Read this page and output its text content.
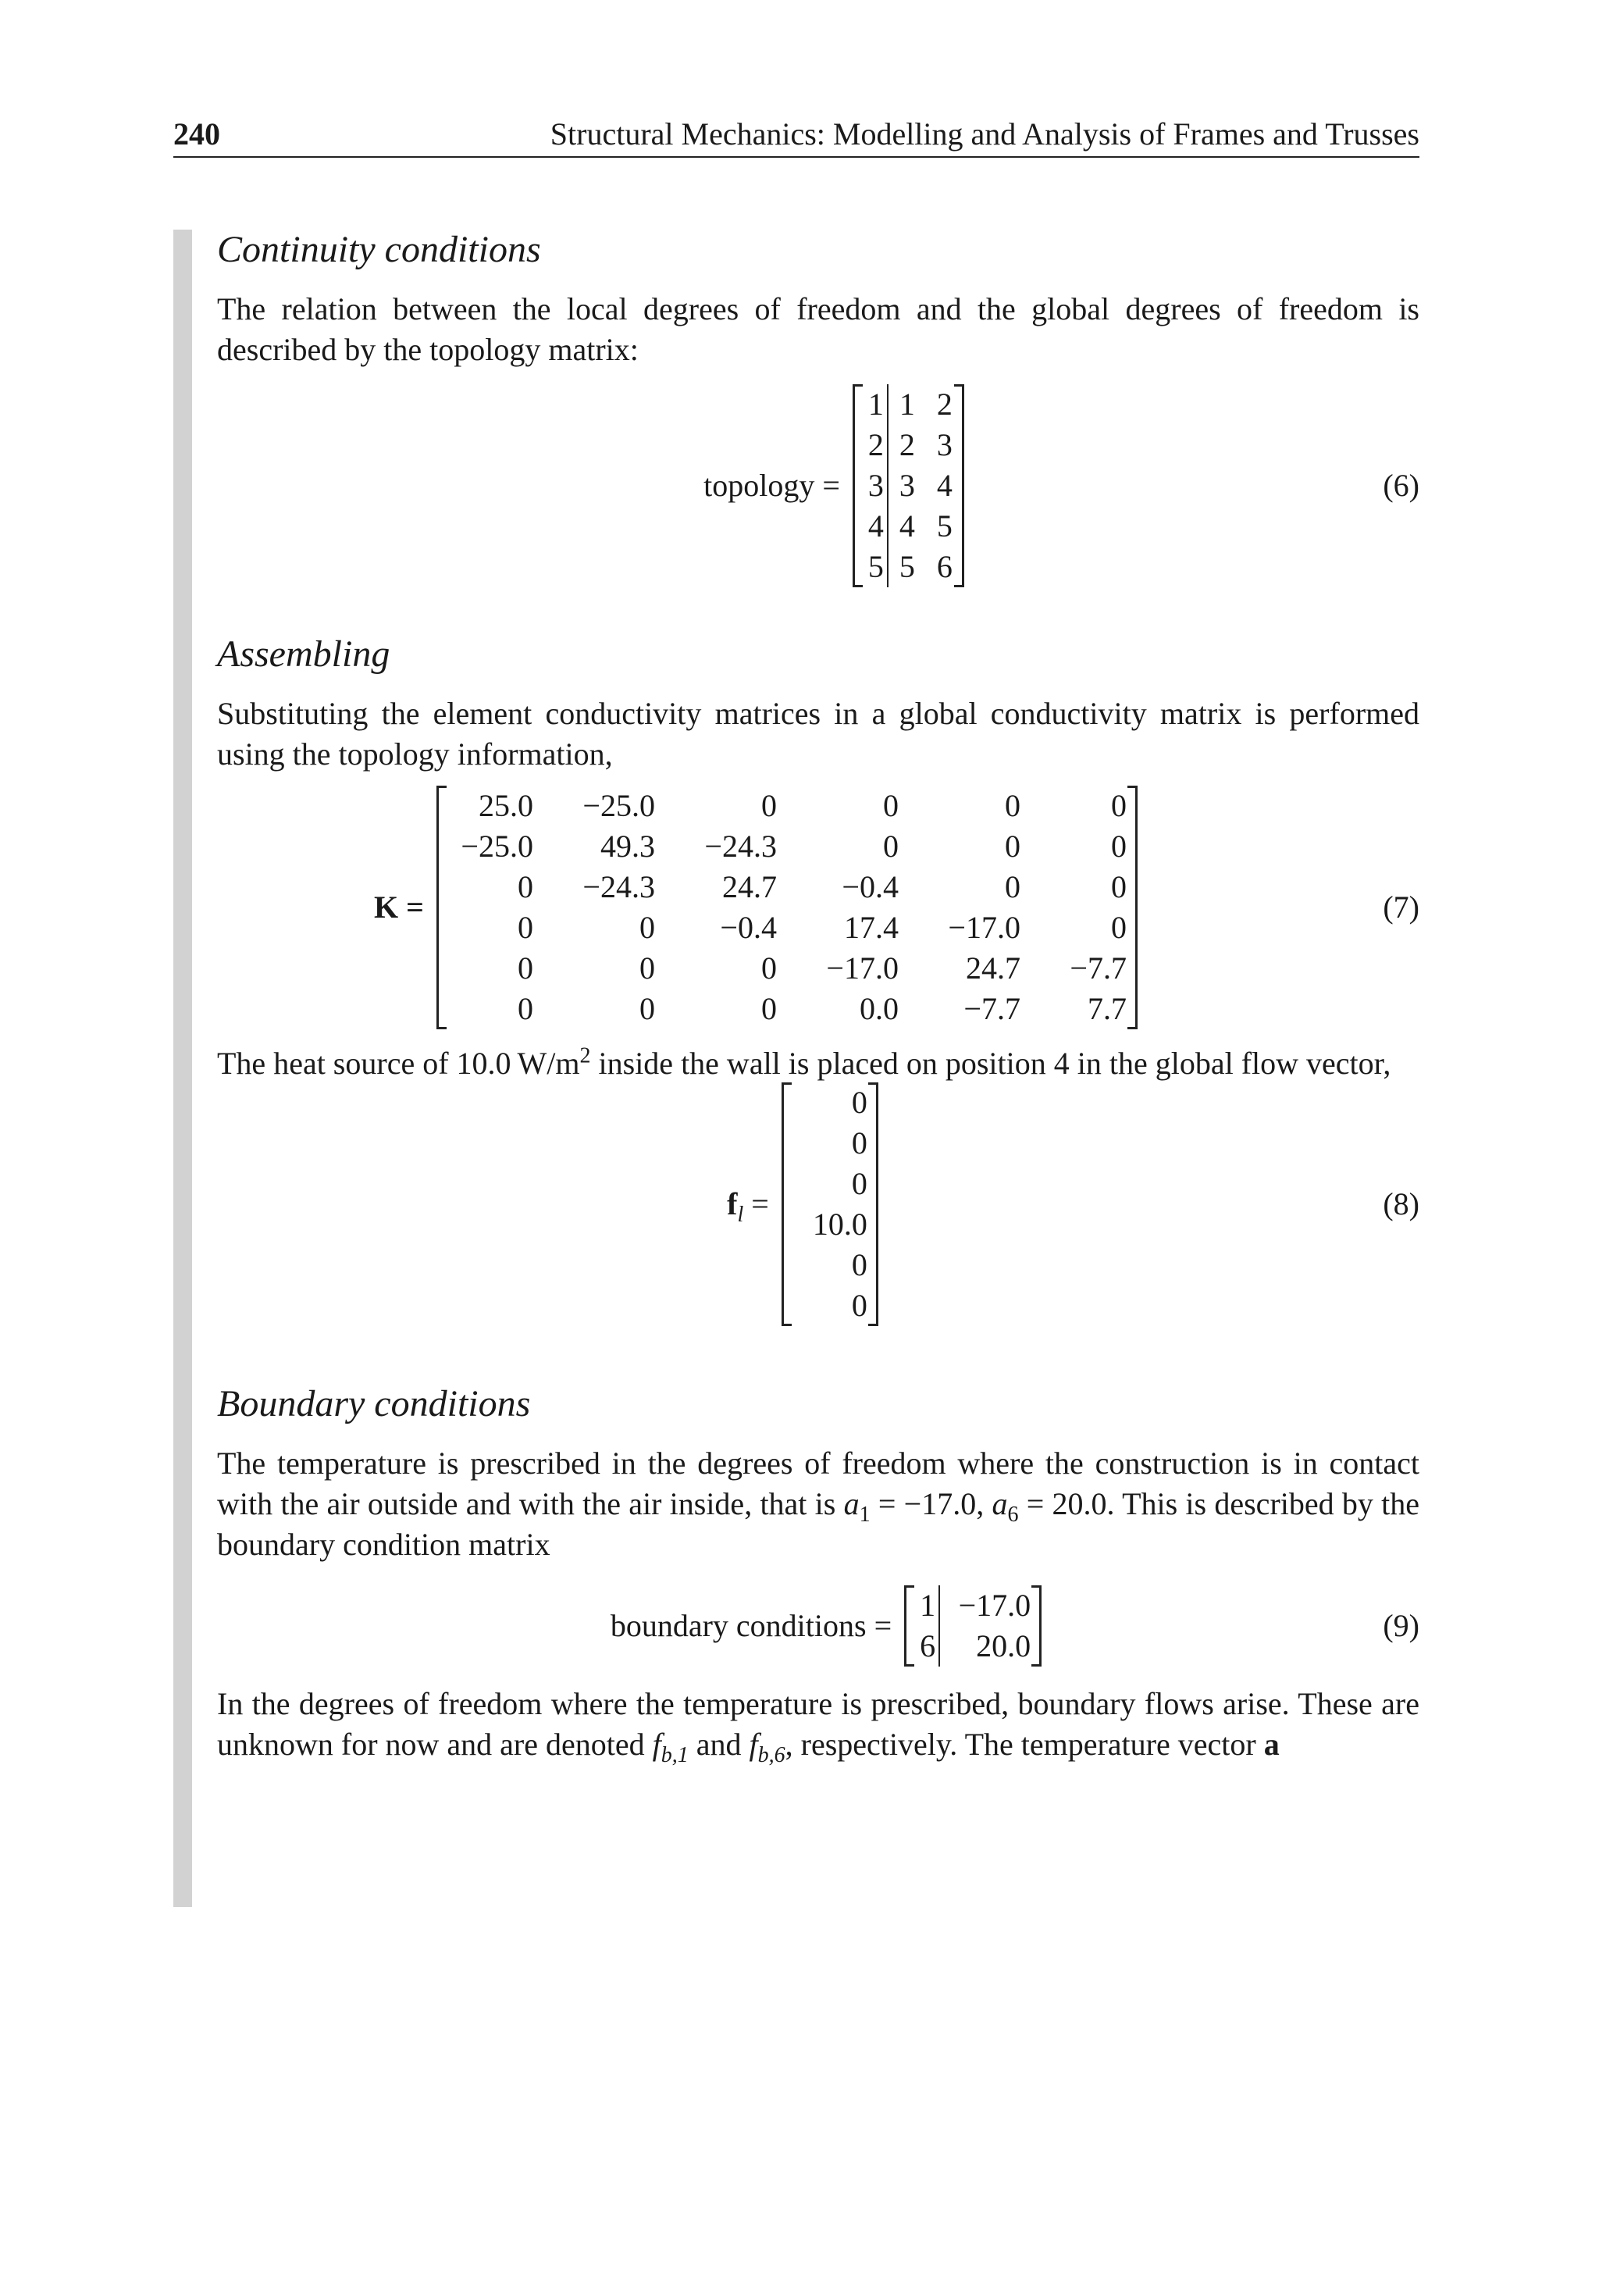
240	Structural Mechanics: Modelling and Analysis of Frames and Trusses
Continuity conditions

The relation between the local degrees of freedom and the global degrees of freedom is described by the topology matrix:

topology =
1	1	2
2	2	3
3	3	4
4	4	5
5	5	6
(6)
Assembling

Substituting the element conductivity matrices in a global conductivity matrix is performed using the topology information,

K =
25.0	−25.0	0	0	0	0
−25.0	49.3	−24.3	0	0	0
0	−24.3	24.7	−0.4	0	0
0	0	−0.4	17.4	−17.0	0
0	0	0	−17.0	24.7	−7.7
0	0	0	0.0	−7.7	7.7
(7)

The heat source of 10.0 $W/m^2$ inside the wall is placed on position 4 in the global flow vector,

$f_l$ =
0
0
0
10.0
0
0
(8)
Boundary conditions

The temperature is prescribed in the degrees of freedom where the construction is in contact with the air outside and with the air inside, that is $a_1 = -17.0$, $a_6 = 20.0$. This is described by the boundary condition matrix

boundary conditions =
1	−17.0
6	20.0
(9)

In the degrees of freedom where the temperature is prescribed, boundary flows arise. These are unknown for now and are denoted $f_{b,1}$ and $f_{b,6}$, respectively. The temperature vector a
